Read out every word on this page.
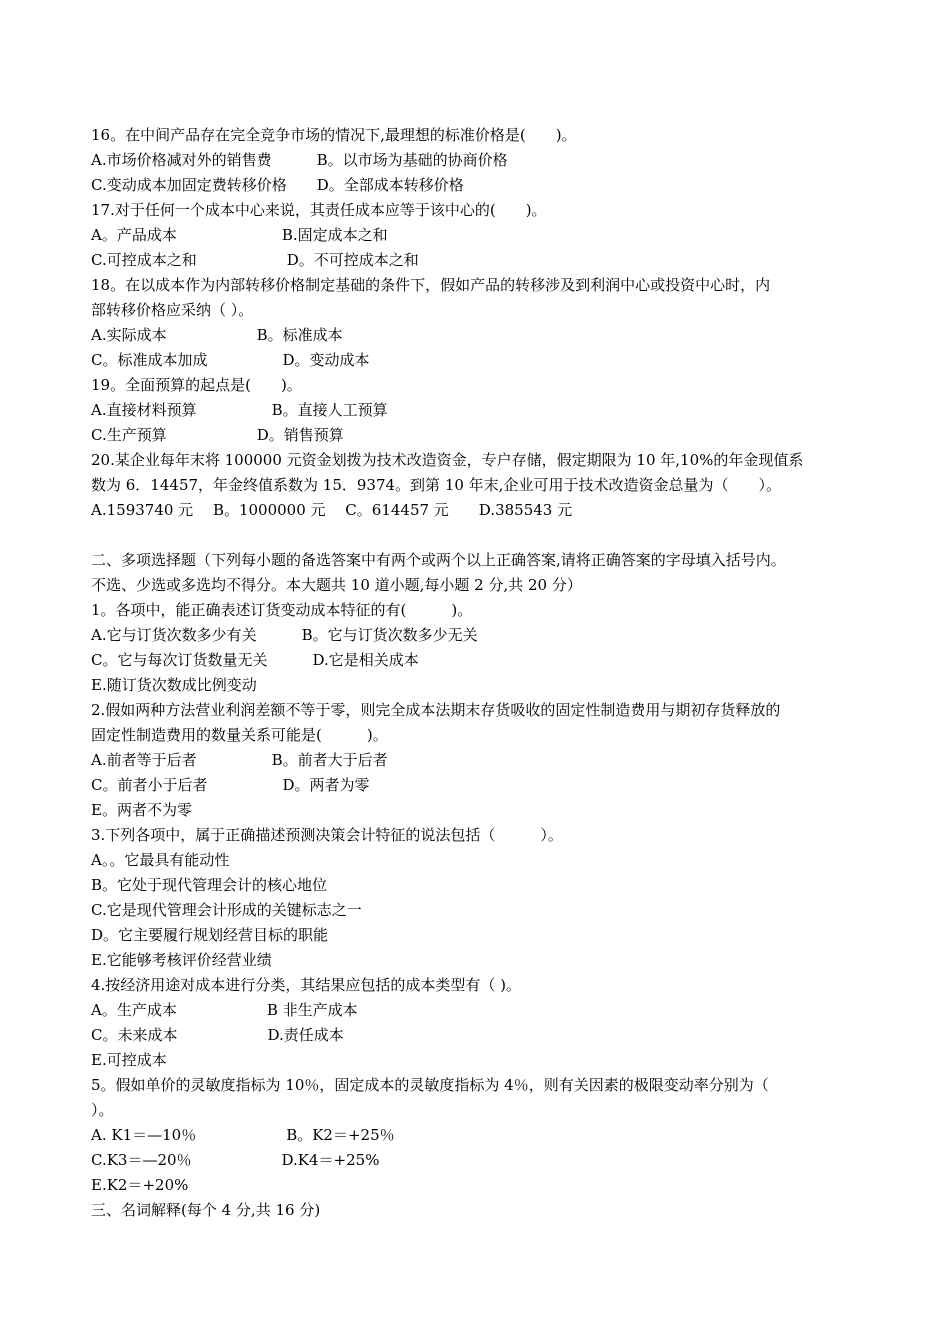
16。在中间产品存在完全竞争市场的情况下,最理想的标准价格是(　　)。
A.市场价格减对外的销售费　　　B。以市场为基础的协商价格
C.变动成本加固定费转移价格　　D。全部成本转移价格
17.对于任何一个成本中心来说，其责任成本应等于该中心的(　　)。
A。产品成本　　　　　　　B.固定成本之和
C.可控成本之和　　　　　　D。不可控成本之和
18。在以成本作为内部转移价格制定基础的条件下，假如产品的转移涉及到利润中心或投资中心时，内
部转移价格应采纳（ ）。
A.实际成本　　　　　　B。标准成本
C。标准成本加成　　　　　D。变动成本
19。全面预算的起点是(　　)。
A.直接材料预算　　　　　B。直接人工预算
C.生产预算　　　　　　D。销售预算
20.某企业每年末将 100000 元资金划拨为技术改造资金，专户存储，假定期限为 10 年,10%的年金现值系
数为 6．14457，年金终值系数为 15．9374。到第 10 年末,企业可用于技术改造资金总量为（　　）。
A.1593740 元　 B。1000000 元　 C。614457 元　　D.385543 元
二、多项选择题（下列每小题的备选答案中有两个或两个以上正确答案,请将正确答案的字母填入括号内。
不选、少选或多选均不得分。本大题共 10 道小题,每小题 2 分,共 20 分）
1。各项中，能正确表述订货变动成本特征的有(　　　)。
A.它与订货次数多少有关　　　B。它与订货次数多少无关
C。它与每次订货数量无关　　　D.它是相关成本
E.随订货次数成比例变动
2.假如两种方法营业利润差额不等于零，则完全成本法期末存货吸收的固定性制造费用与期初存货释放的
固定性制造费用的数量关系可能是(　　　)。
A.前者等于后者　　　　　B。前者大于后者
C。前者小于后者　　　　　D。两者为零
E。两者不为零
3.下列各项中，属于正确描述预测决策会计特征的说法包括（　　　）。
A。。它最具有能动性
B。它处于现代管理会计的核心地位
C.它是现代管理会计形成的关键标志之一
D。它主要履行规划经营目标的职能
E.它能够考核评价经营业绩
4.按经济用途对成本进行分类，其结果应包括的成本类型有（ )。
A。生产成本　　　　　　B 非生产成本
C。未来成本　　　　　　D.责任成本
E.可控成本
5。假如单价的灵敏度指标为 10％，固定成本的灵敏度指标为 4％，则有关因素的极限变动率分别为（
）。
A. K1＝—10％　　　　　　B。K2＝+25％
C.K3＝—20％　　　　　　D.K4＝+25%
E.K2＝+20%
三、名词解释(每个 4 分,共 16 分)
